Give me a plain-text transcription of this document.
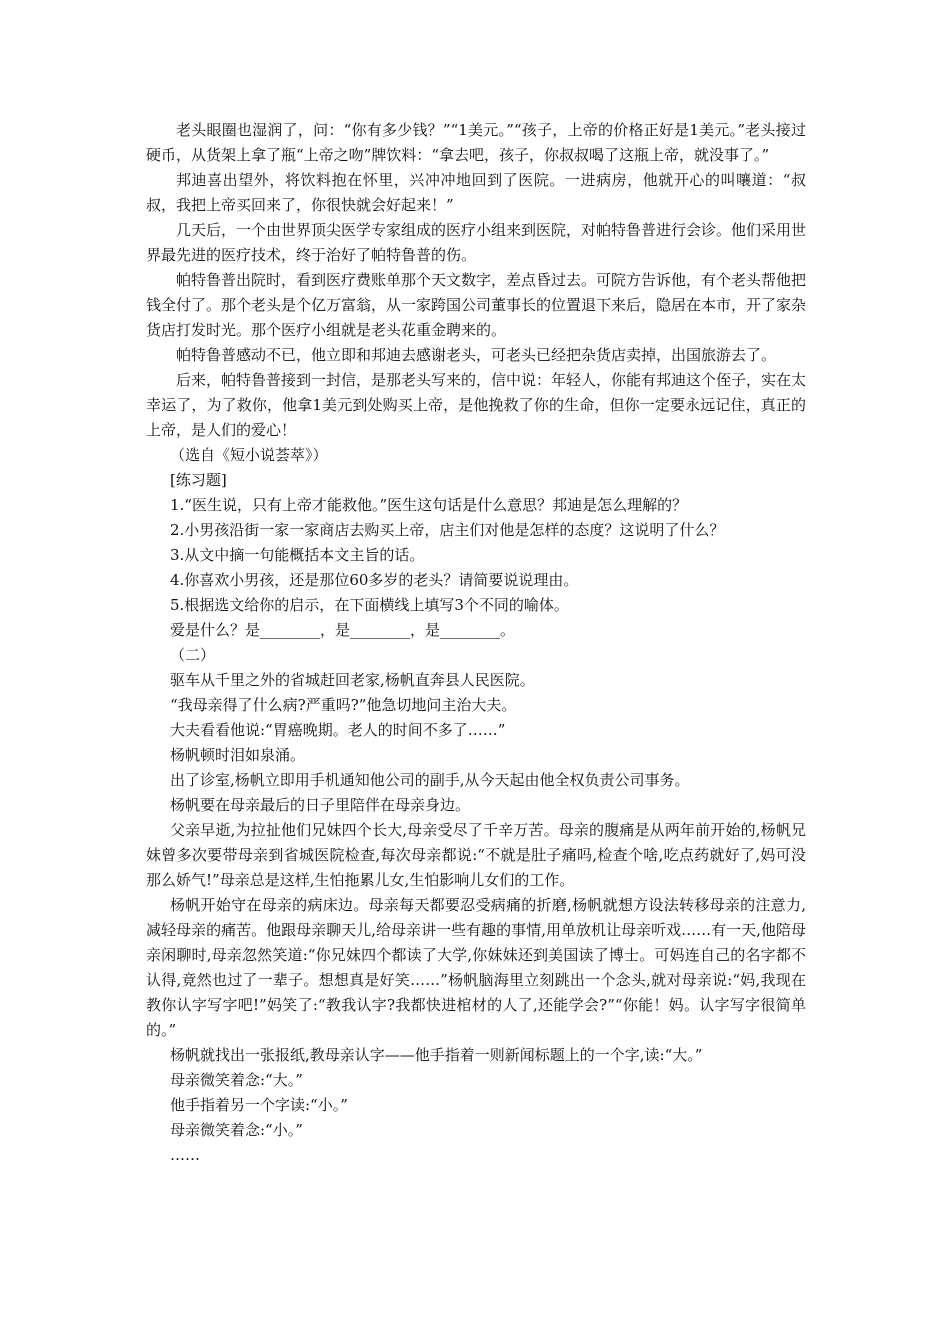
老头眼圈也湿润了，问：“你有多少钱？”“1美元。”“孩子，上帝的价格正好是1美元。”老头接过硬币，从货架上拿了瓶“上帝之吻”牌饮料：“拿去吧，孩子，你叔叔喝了这瓶上帝，就没事了。”

邦迪喜出望外，将饮料抱在怀里，兴冲冲地回到了医院。一进病房，他就开心的叫嚷道：“叔叔，我把上帝买回来了，你很快就会好起来！”

几天后，一个由世界顶尖医学专家组成的医疗小组来到医院，对帕特鲁普进行会诊。他们采用世界最先进的医疗技术，终于治好了帕特鲁普的伤。

帕特鲁普出院时，看到医疗费账单那个天文数字，差点昏过去。可院方告诉他，有个老头帮他把钱全付了。那个老头是个亿万富翁，从一家跨国公司董事长的位置退下来后，隐居在本市，开了家杂货店打发时光。那个医疗小组就是老头花重金聘来的。

帕特鲁普感动不已，他立即和邦迪去感谢老头，可老头已经把杂货店卖掉，出国旅游去了。

后来，帕特鲁普接到一封信，是那老头写来的，信中说：年轻人，你能有邦迪这个侄子，实在太幸运了，为了救你，他拿1美元到处购买上帝，是他挽救了你的生命，但你一定要永远记住，真正的上帝，是人们的爱心！

（选自《短小说荟萃》）

[练习题]

1.“医生说，只有上帝才能救他。”医生这句话是什么意思？邦迪是怎么理解的？

2.小男孩沿街一家一家商店去购买上帝，店主们对他是怎样的态度？这说明了什么？

3.从文中摘一句能概括本文主旨的话。

4.你喜欢小男孩，还是那位60多岁的老头？请简要说说理由。

5.根据选文给你的启示，在下面横线上填写3个不同的喻体。

爱是什么？是________，是________，是________。

（二）

驱车从千里之外的省城赶回老家,杨帆直奔县人民医院。

“我母亲得了什么病?严重吗?”他急切地问主治大夫。

大夫看看他说:“胃癌晚期。老人的时间不多了……”

杨帆顿时泪如泉涌。

出了诊室,杨帆立即用手机通知他公司的副手,从今天起由他全权负责公司事务。

杨帆要在母亲最后的日子里陪伴在母亲身边。

父亲早逝,为拉扯他们兄妹四个长大,母亲受尽了千辛万苦。母亲的腹痛是从两年前开始的,杨帆兄妹曾多次要带母亲到省城医院检查,每次母亲都说:“不就是肚子痛吗,检查个啥,吃点药就好了,妈可没那么娇气!”母亲总是这样,生怕拖累儿女,生怕影响儿女们的工作。

杨帆开始守在母亲的病床边。母亲每天都要忍受病痛的折磨,杨帆就想方设法转移母亲的注意力,减轻母亲的痛苦。他跟母亲聊天儿,给母亲讲一些有趣的事情,用单放机让母亲听戏……有一天,他陪母亲闲聊时,母亲忽然笑道:“你兄妹四个都读了大学,你妹妹还到美国读了博士。可妈连自己的名字都不认得,竟然也过了一辈子。想想真是好笑……”杨帆脑海里立刻跳出一个念头,就对母亲说:“妈,我现在教你认字写字吧!”妈笑了:“教我认字?我都快进棺材的人了,还能学会?”“你能！妈。认字写字很简单的。”

杨帆就找出一张报纸,教母亲认字——他手指着一则新闻标题上的一个字,读:“大。”

母亲微笑着念:“大。”

他手指着另一个字读:“小。”

母亲微笑着念:“小。”

……
